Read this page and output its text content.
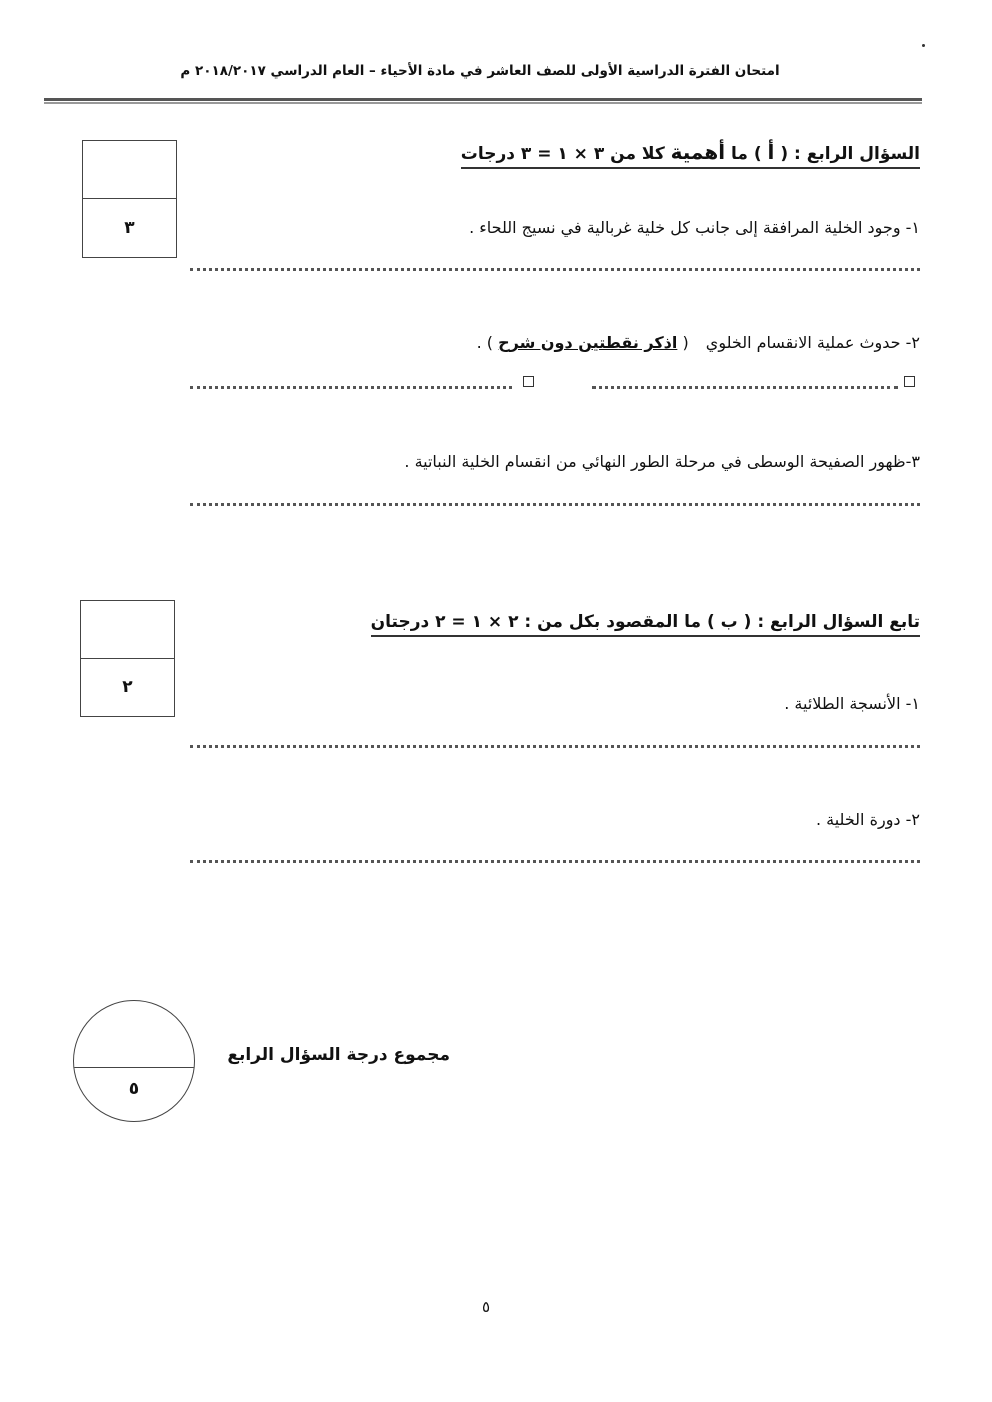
امتحان الفترة الدراسية الأولى للصف العاشر في مادة الأحياء – العام الدراسي ٢٠١٨/٢٠١٧ م
٣
السؤال الرابع : ( أ ) ما أهمية كلا من ٣ × ١ = ٣ درجات
١- وجود الخلية المرافقة إلى جانب كل خلية غربالية في نسيج اللحاء .
٢- حدوث عملية الانقسام الخلوي ( اذكر نقطتين دون شرح ) .
٣-ظهور الصفيحة الوسطى في مرحلة الطور النهائي من انقسام الخلية النباتية .
٢
تابع السؤال الرابع : ( ب ) ما المقصود بكل من : ٢ × ١ = ٢ درجتان
١- الأنسجة الطلائية .
٢- دورة الخلية .
٥
مجموع درجة السؤال الرابع
٥
